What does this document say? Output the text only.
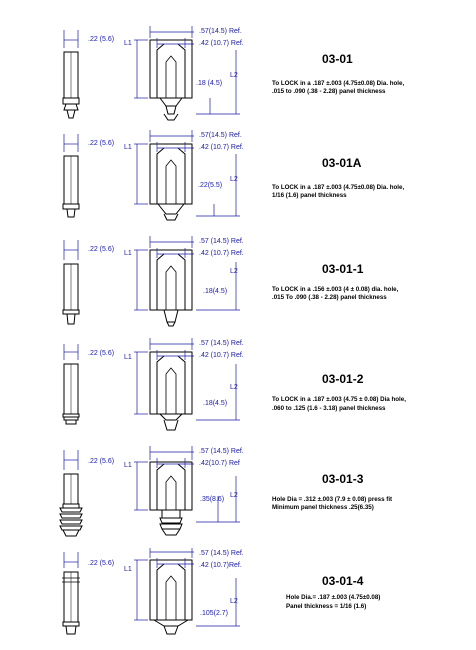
.22 (5.6)
.57(14.5) Ref.
.42 (10.7) Ref.
L1
L2
.18 (4.5)
03-01
To LOCK in a .187 ±.003 (4.75±0.08) Dia. hole,
.015 to .090 (.38 - 2.28) panel thickness
.22 (5.6)
.57(14.5) Ref.
.42 (10.7) Ref.
L1
L2
.22(5.5)
03-01A
To LOCK in a .187 ±.003 (4.75±0.08) Dia. hole,
1/16 (1.6) panel thickness
.22 (5.6)
.57 (14.5) Ref.
.42 (10.7) Ref.
L1
L2
.18(4.5)
03-01-1
To LOCK in a .156 ±.003 (4 ± 0.08) dia. hole,
.015 To .090 (.38 - 2.28) panel thickness
.22 (5.6)
.57 (14.5) Ref.
.42 (10.7) Ref.
L1
L2
.18(4.5)
03-01-2
To LOCK in a .187 ±.003 (4.75 ± 0.08) Dia hole,
.060 to .125 (1.6 - 3.18) panel thickness
.22 (5.6)
.57 (14.5) Ref.
.42(10.7) Ref
L1
L2
.35(8.6)
03-01-3
Hole Dia = .312 ±.003 (7.9 ± 0.08) press fit
Minimum panel thickness .25(6.35)
.22 (5.6)
.57 (14.5) Ref.
.42 (10.7)Ref.
L1
L2
.105(2.7)
03-01-4
Hole Dia.= .187 ±.003 (4.75±0.08)
Panel thickness = 1/16 (1.6)
